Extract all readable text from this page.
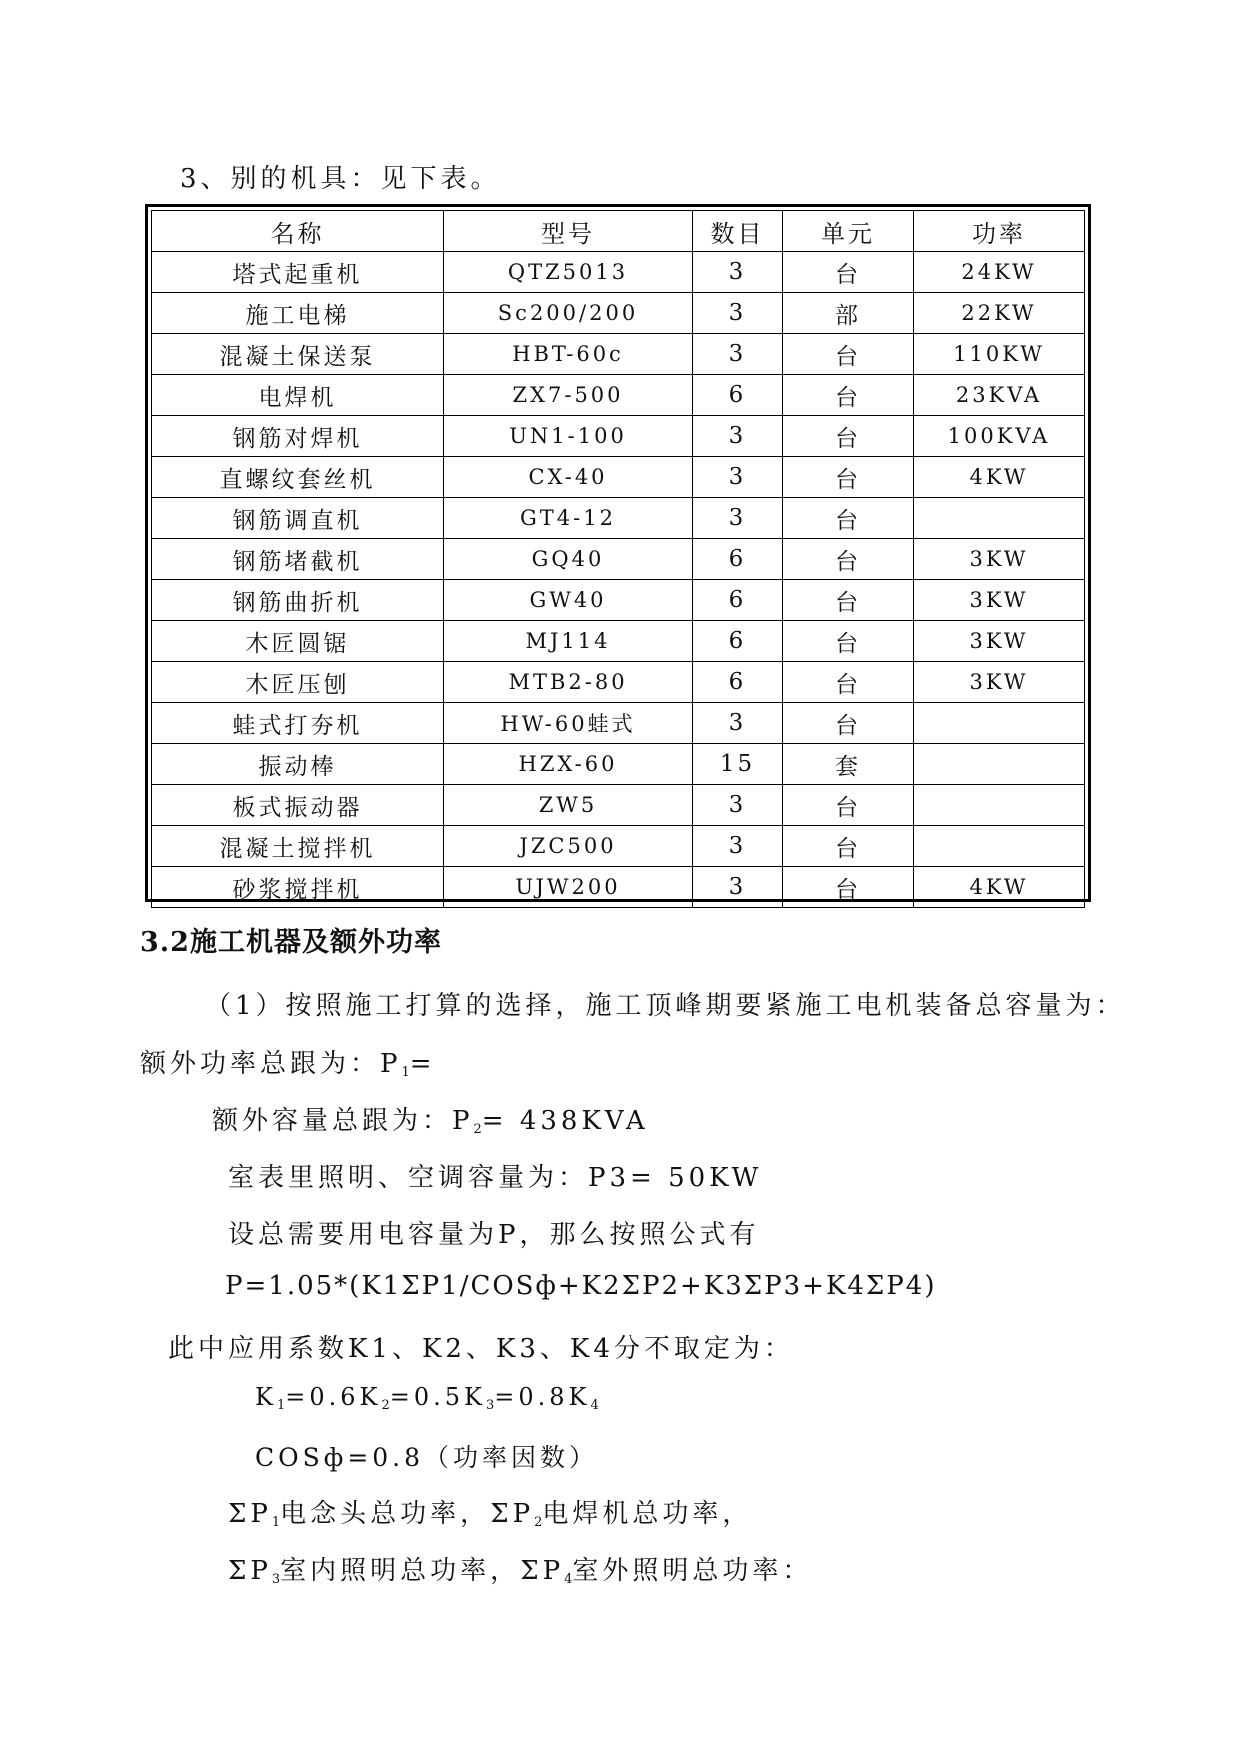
3、别的机具：见下表。
名称	型号	数目	单元	功率
塔式起重机	QTZ5013	3	台	24KW
施工电梯	Sc200/200	3	部	22KW
混凝土保送泵	HBT-60c	3	台	110KW
电焊机	ZX7-500	6	台	23KVA
钢筋对焊机	UN1-100	3	台	100KVA
直螺纹套丝机	CX-40	3	台	4KW
钢筋调直机	GT4-12	3	台	
钢筋堵截机	GQ40	6	台	3KW
钢筋曲折机	GW40	6	台	3KW
木匠圆锯	MJ114	6	台	3KW
木匠压刨	MTB2-80	6	台	3KW
蛙式打夯机	HW-60蛙式	3	台	
振动棒	HZX-60	15	套	
板式振动器	ZW5	3	台	
混凝土搅拌机	JZC500	3	台	
砂浆搅拌机	UJW200	3	台	4KW
3.2施工机器及额外功率
（1）按照施工打算的选择，施工顶峰期要紧施工电机装备总容量为：
额外功率总跟为：$P_1=$
额外容量总跟为：$P_2= 438KVA$
室表里照明、空调容量为：P3= 50KW
设总需要用电容量为P，那么按照公式有
P=1.05*(K1ΣP1/COSф+K2ΣP2+K3ΣP3+K4ΣP4)
此中应用系数K1、K2、K3、K4分不取定为：
$K_1=0.6K_2=0.5K_3=0.8K_4$
COSф=0.8（功率因数）
$\Sigma P_1$电念头总功率，$\Sigma P_2$电焊机总功率，
$\Sigma P_3$室内照明总功率，$\Sigma P_4$室外照明总功率：
